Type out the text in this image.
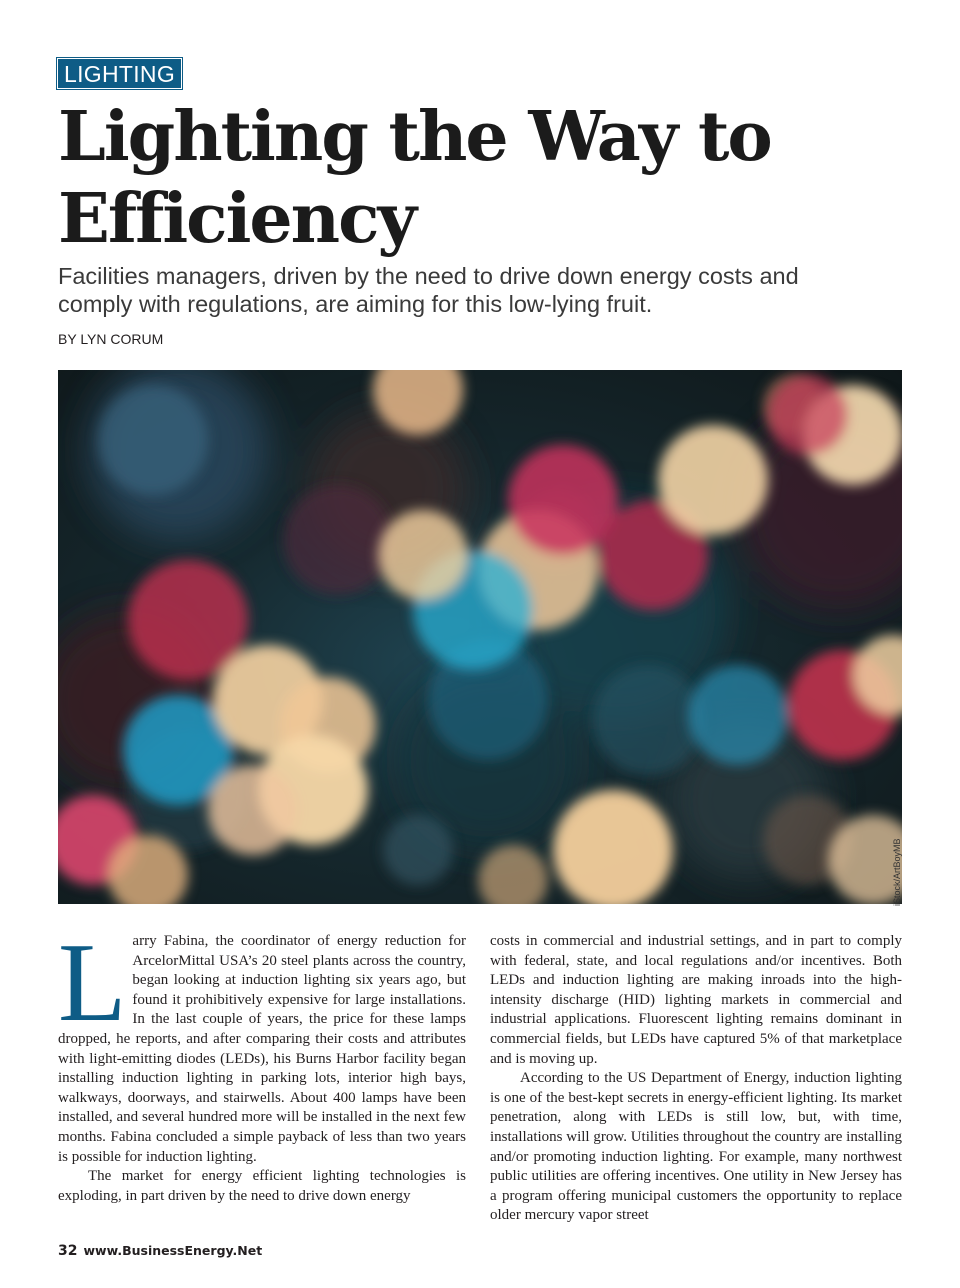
LIGHTING
Lighting the Way to Efficiency

Facilities managers, driven by the need to drive down energy costs and comply with regulations, are aiming for this low-lying fruit.

BY LYN CORUM

iStock/ArtBoyMB

Larry Fabina, the coordinator of energy reduction for ArcelorMittal USA’s 20 steel plants across the country, began looking at induction lighting six years ago, but found it prohibitively expensive for large installations. In the last couple of years, the price for these lamps dropped, he reports, and after comparing their costs and attributes with light-emitting diodes (LEDs), his Burns Harbor facility began installing induction lighting in parking lots, interior high bays, walkways, doorways, and stairwells. About 400 lamps have been installed, and several hundred more will be installed in the next few months. Fabina concluded a simple payback of less than two years is possible for induction lighting.

The market for energy efficient lighting technologies is exploding, in part driven by the need to drive down energy

costs in commercial and industrial settings, and in part to comply with federal, state, and local regulations and/or incentives. Both LEDs and induction lighting are making inroads into the high-intensity discharge (HID) lighting markets in commercial and industrial applications. Fluorescent lighting remains dominant in commercial fields, but LEDs have captured 5% of that marketplace and is moving up.

According to the US Department of Energy, induction lighting is one of the best-kept secrets in energy-efficient lighting. Its market penetration, along with LEDs is still low, but, with time, installations will grow. Utilities throughout the country are installing and/or promoting induction lighting. For example, many northwest public utilities are offering incentives. One utility in New Jersey has a program offering municipal customers the opportunity to replace older mercury vapor street

32 www.BusinessEnergy.Net
